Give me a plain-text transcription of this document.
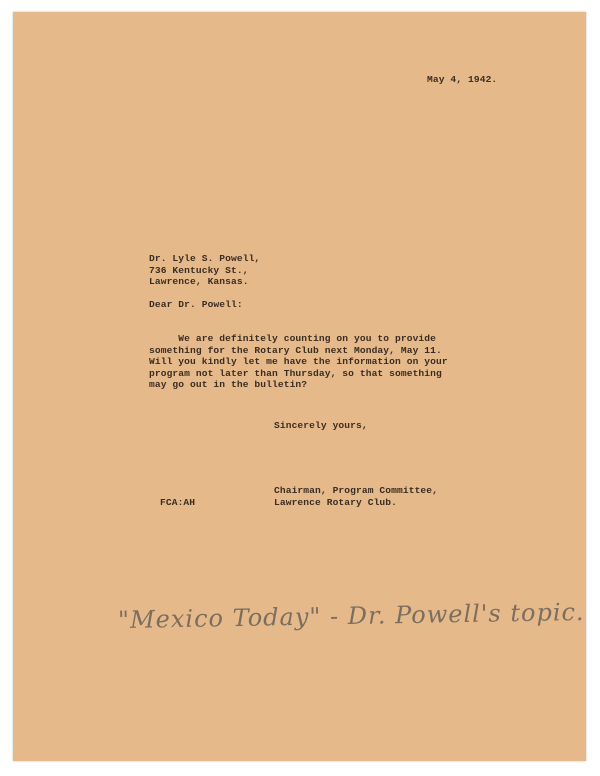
May 4, 1942.
Dr. Lyle S. Powell,
736 Kentucky St.,
Lawrence, Kansas.
Dear Dr. Powell:
We are definitely counting on you to provide
something for the Rotary Club next Monday, May 11.
Will you kindly let me have the information on your
program not later than Thursday, so that something
may go out in the bulletin?
Sincerely yours,
Chairman, Program Committee,
Lawrence Rotary Club.
FCA:AH
"Mexico Today" - Dr. Powell's topic.
